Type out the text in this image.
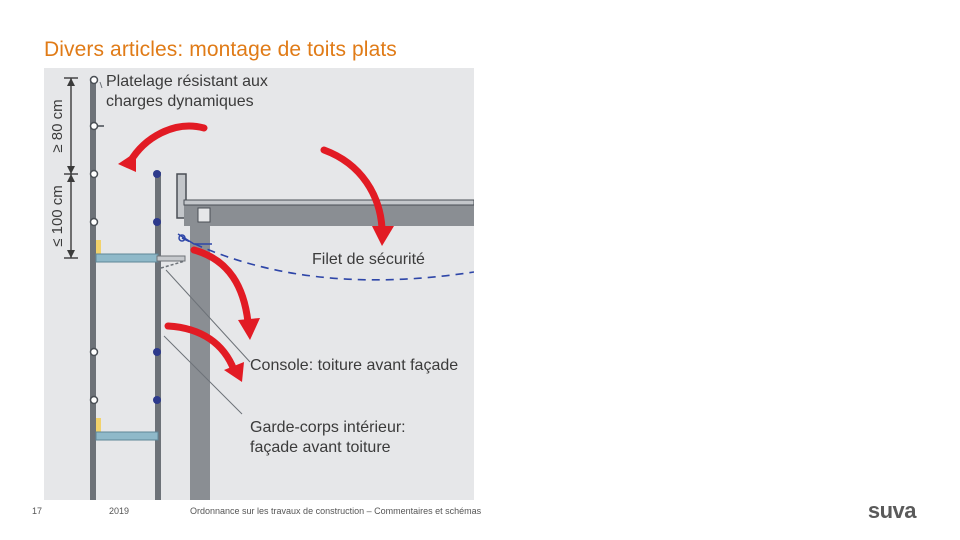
Divers articles: montage de toits plats
≥ 80 cm
≤ 100 cm
Platelage résistant aux
charges dynamiques
Filet de sécurité
Console: toiture avant façade
Garde-corps intérieur:
façade avant toiture
17	2019	Ordonnance sur les travaux de construction – Commentaires et schémas	suva
